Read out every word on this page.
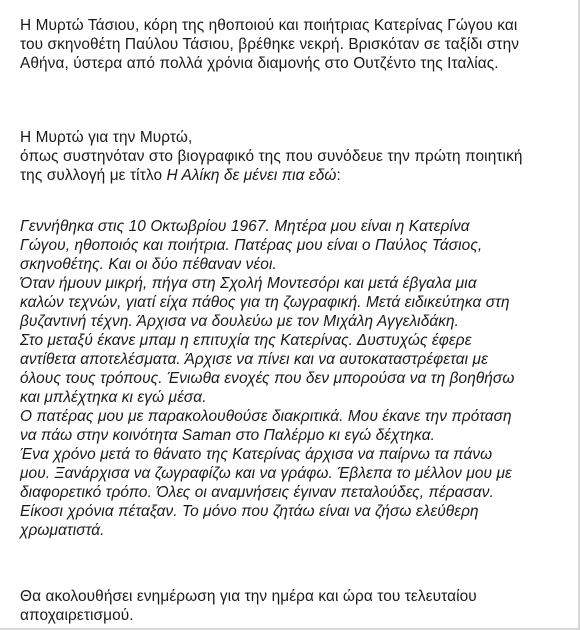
Η Μυρτώ Τάσιου, κόρη της ηθοποιού και ποιήτριας Κατερίνας Γώγου και
του σκηνοθέτη Παύλου Τάσιου, βρέθηκε νεκρή. Βρισκόταν σε ταξίδι στην
Αθήνα, ύστερα από πολλά χρόνια διαμονής στο Ουτζέντο της Ιταλίας.
Η Μυρτώ για την Μυρτώ,
όπως συστηνόταν στο βιογραφικό της που συνόδευε την πρώτη ποιητική
της συλλογή με τίτλο Η Αλίκη δε μένει πια εδώ:
Γεννήθηκα στις 10 Οκτωβρίου 1967. Μητέρα μου είναι η Κατερίνα
Γώγου, ηθοποιός και ποιήτρια. Πατέρας μου είναι ο Παύλος Τάσιος,
σκηνοθέτης. Και οι δύο πέθαναν νέοι.
Όταν ήμουν μικρή, πήγα στη Σχολή Μοντεσόρι και μετά έβγαλα μια
καλών τεχνών, γιατί είχα πάθος για τη ζωγραφική. Μετά ειδικεύτηκα στη
βυζαντινή τέχνη. Άρχισα να δουλεύω με τον Μιχάλη Αγγελιδάκη.
Στο μεταξύ έκανε μπαμ η επιτυχία της Κατερίνας. Δυστυχώς έφερε
αντίθετα αποτελέσματα. Άρχισε να πίνει και να αυτοκαταστρέφεται με
όλους τους τρόπους. Ένιωθα ενοχές που δεν μπορούσα να τη βοηθήσω
και μπλέχτηκα κι εγώ μέσα.
Ο πατέρας μου με παρακολουθούσε διακριτικά. Μου έκανε την πρόταση
να πάω στην κοινότητα Saman στο Παλέρμο κι εγώ δέχτηκα.
Ένα χρόνο μετά το θάνατο της Κατερίνας άρχισα να παίρνω τα πάνω
μου. Ξανάρχισα να ζωγραφίζω και να γράφω. Έβλεπα το μέλλον μου με
διαφορετικό τρόπο. Όλες οι αναμνήσεις έγιναν πεταλούδες, πέρασαν.
Είκοσι χρόνια πέταξαν. Το μόνο που ζητάω είναι να ζήσω ελεύθερη
χρωματιστά.
Θα ακολουθήσει ενημέρωση για την ημέρα και ώρα του τελευταίου
αποχαιρετισμού.
